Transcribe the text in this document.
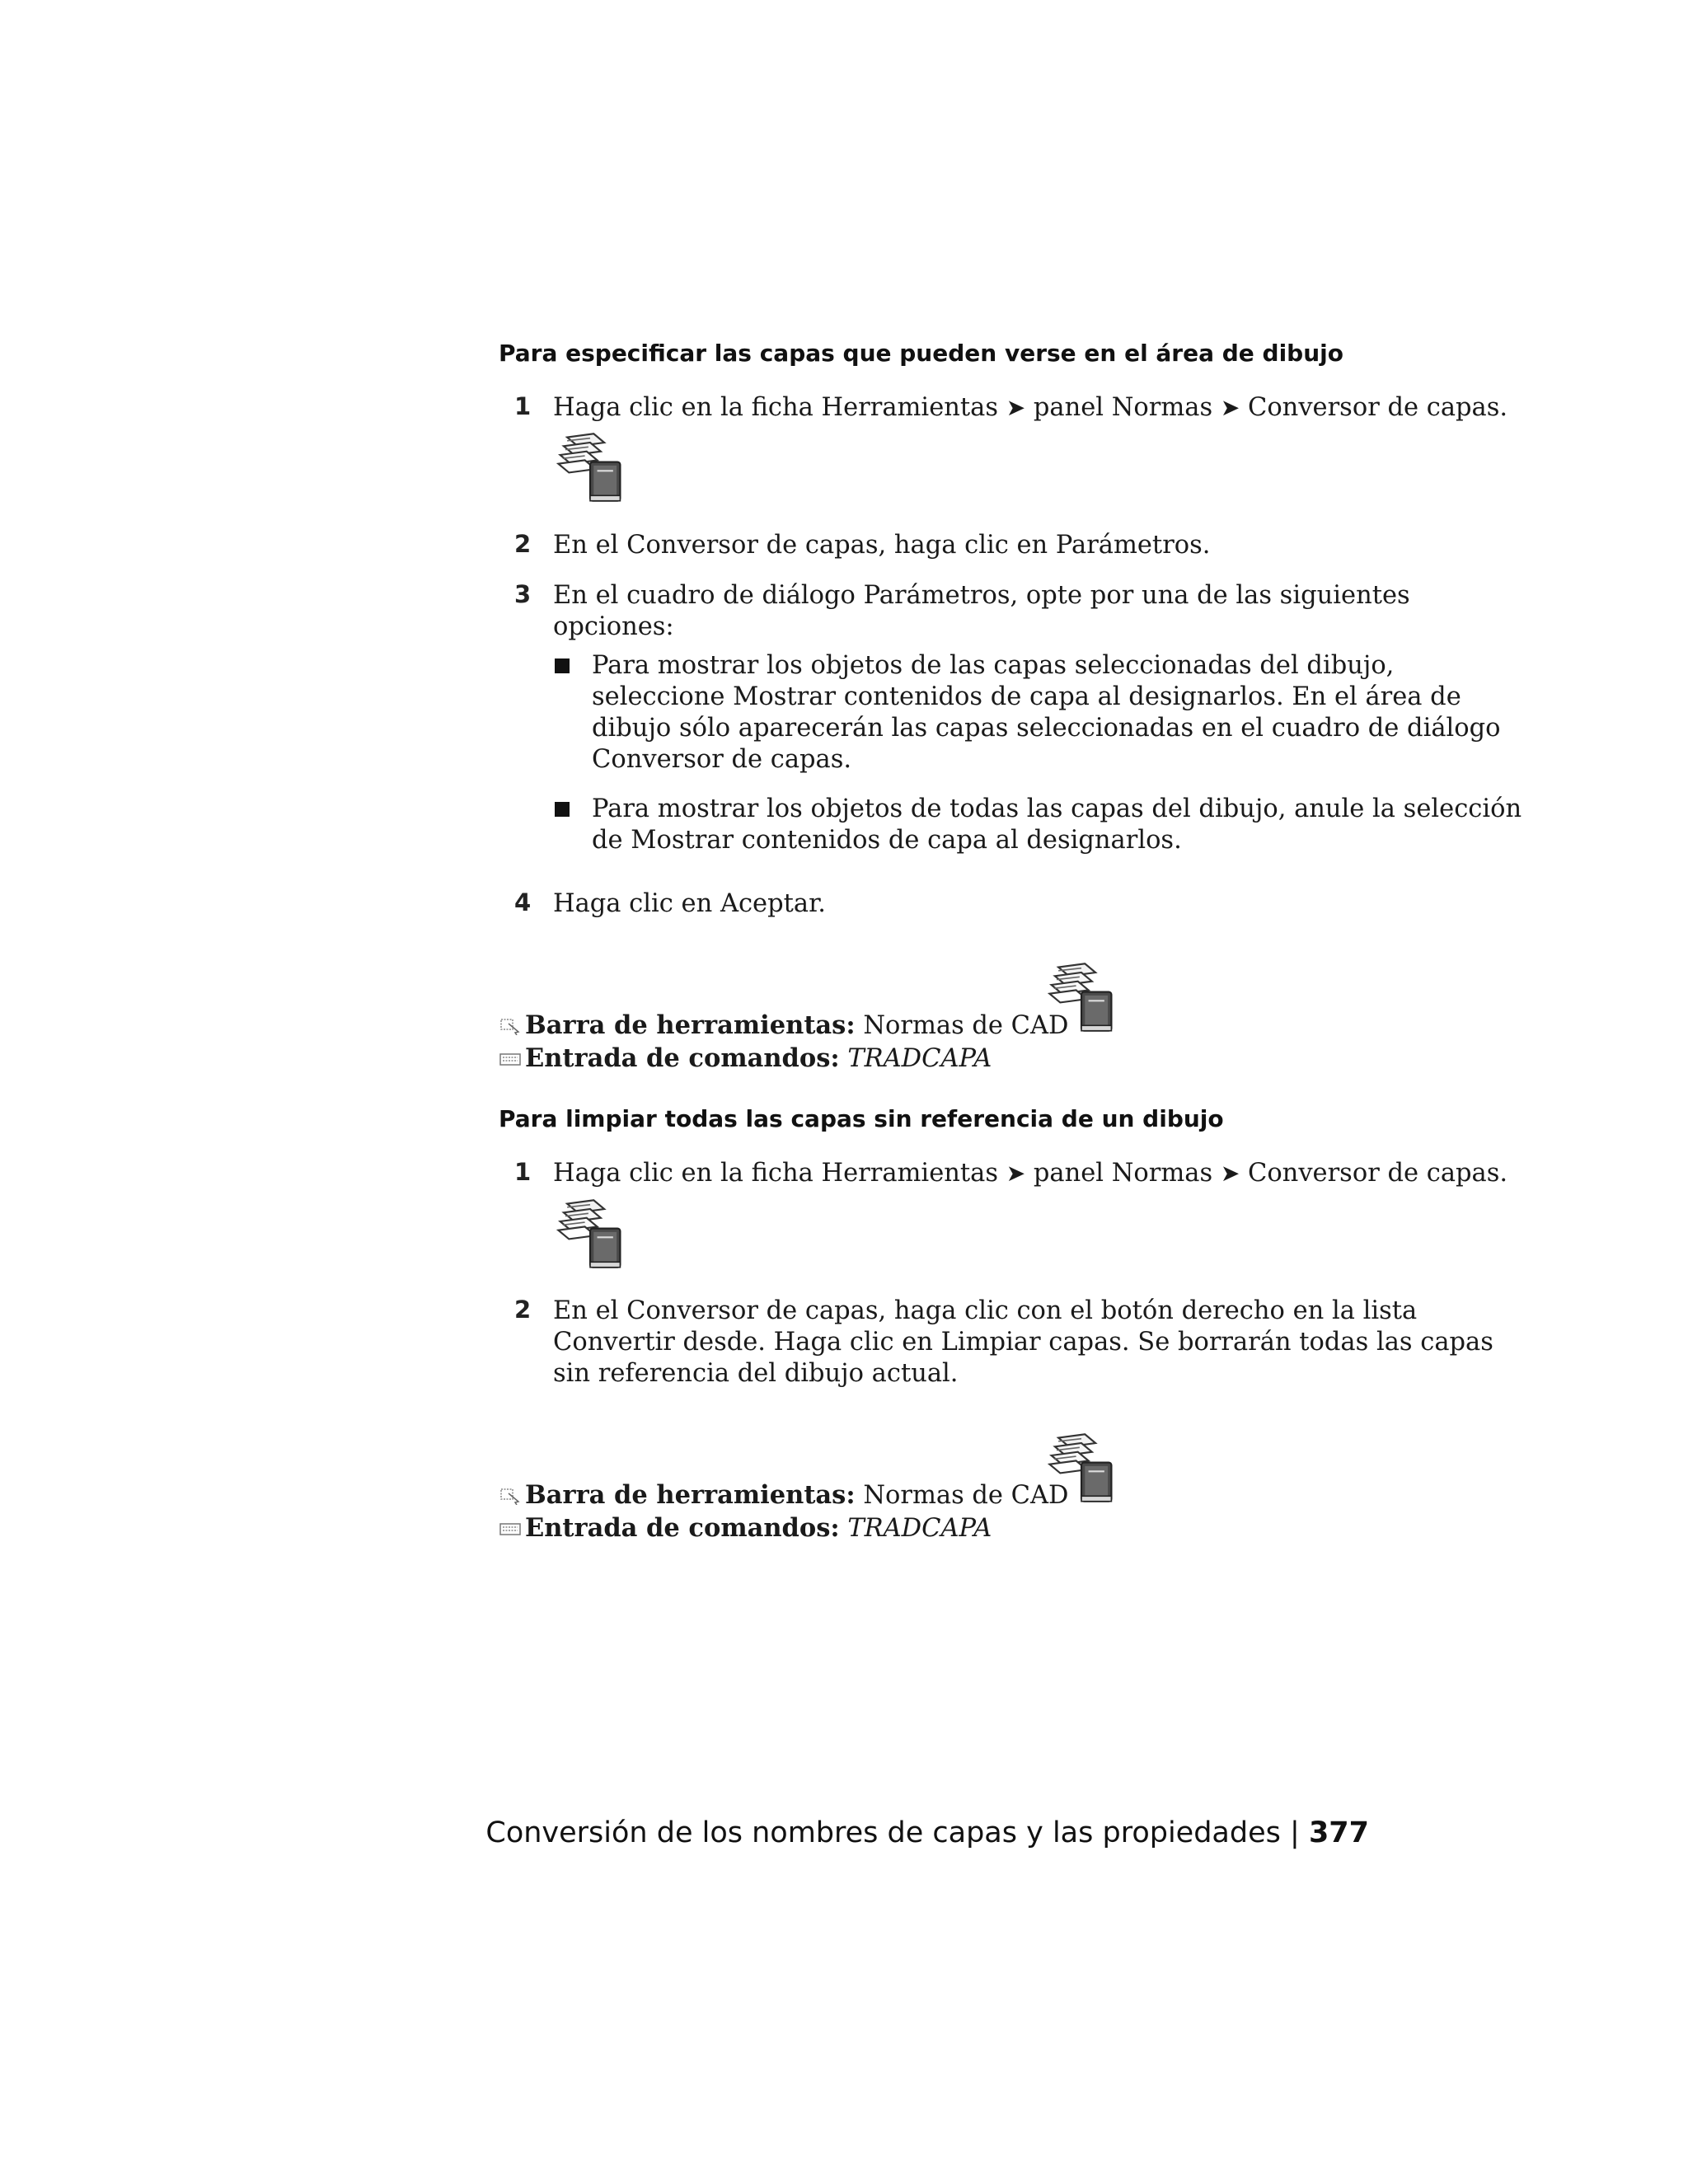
Para especificar las capas que pueden verse en el área de dibujo
1 Haga clic en la ficha Herramientas ➤ panel Normas ➤ Conversor de capas.
2 En el Conversor de capas, haga clic en Parámetros.
3 En el cuadro de diálogo Parámetros, opte por una de las siguientes
opciones:
Para mostrar los objetos de las capas seleccionadas del dibujo,
seleccione Mostrar contenidos de capa al designarlos. En el área de
dibujo sólo aparecerán las capas seleccionadas en el cuadro de diálogo
Conversor de capas.
Para mostrar los objetos de todas las capas del dibujo, anule la selección
de Mostrar contenidos de capa al designarlos.
4 Haga clic en Aceptar.
Barra de herramientas: Normas de CAD
Entrada de comandos: TRADCAPA
Para limpiar todas las capas sin referencia de un dibujo
1 Haga clic en la ficha Herramientas ➤ panel Normas ➤ Conversor de capas.
2 En el Conversor de capas, haga clic con el botón derecho en la lista
Convertir desde. Haga clic en Limpiar capas. Se borrarán todas las capas
sin referencia del dibujo actual.
Barra de herramientas: Normas de CAD
Entrada de comandos: TRADCAPA
Conversión de los nombres de capas y las propiedades | 377
